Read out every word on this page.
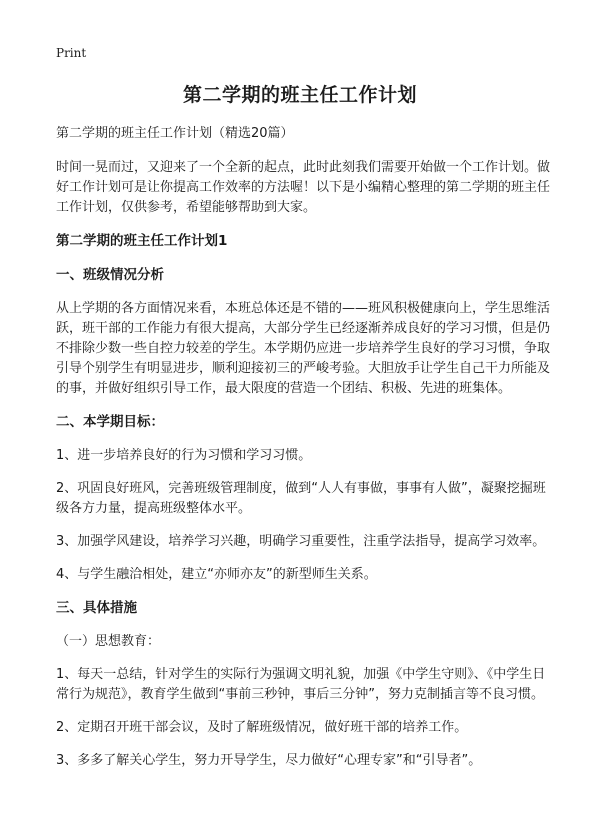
Print
第二学期的班主任工作计划

第二学期的班主任工作计划（精选20篇）

时间一晃而过，又迎来了一个全新的起点，此时此刻我们需要开始做一个工作计划。做好工作计划可是让你提高工作效率的方法喔！以下是小编精心整理的第二学期的班主任工作计划，仅供参考，希望能够帮助到大家。

第二学期的班主任工作计划1
一、班级情况分析

从上学期的各方面情况来看，本班总体还是不错的——班风积极健康向上，学生思维活跃，班干部的工作能力有很大提高，大部分学生已经逐渐养成良好的学习习惯，但是仍不排除少数一些自控力较差的学生。本学期仍应进一步培养学生良好的学习习惯，争取引导个别学生有明显进步，顺利迎接初三的严峻考验。大胆放手让学生自己干力所能及的事，并做好组织引导工作，最大限度的营造一个团结、积极、先进的班集体。

二、本学期目标：

1、进一步培养良好的行为习惯和学习习惯。

2、巩固良好班风，完善班级管理制度，做到“人人有事做，事事有人做”，凝聚挖掘班级各方力量，提高班级整体水平。

3、加强学风建设，培养学习兴趣，明确学习重要性，注重学法指导，提高学习效率。

4、与学生融洽相处，建立“亦师亦友”的新型师生关系。

三、具体措施

（一）思想教育：

1、每天一总结，针对学生的实际行为强调文明礼貌，加强《中学生守则》、《中学生日常行为规范》，教育学生做到“事前三秒钟，事后三分钟”，努力克制插言等不良习惯。

2、定期召开班干部会议，及时了解班级情况，做好班干部的培养工作。

3、多多了解关心学生，努力开导学生，尽力做好“心理专家”和“引导者”。
